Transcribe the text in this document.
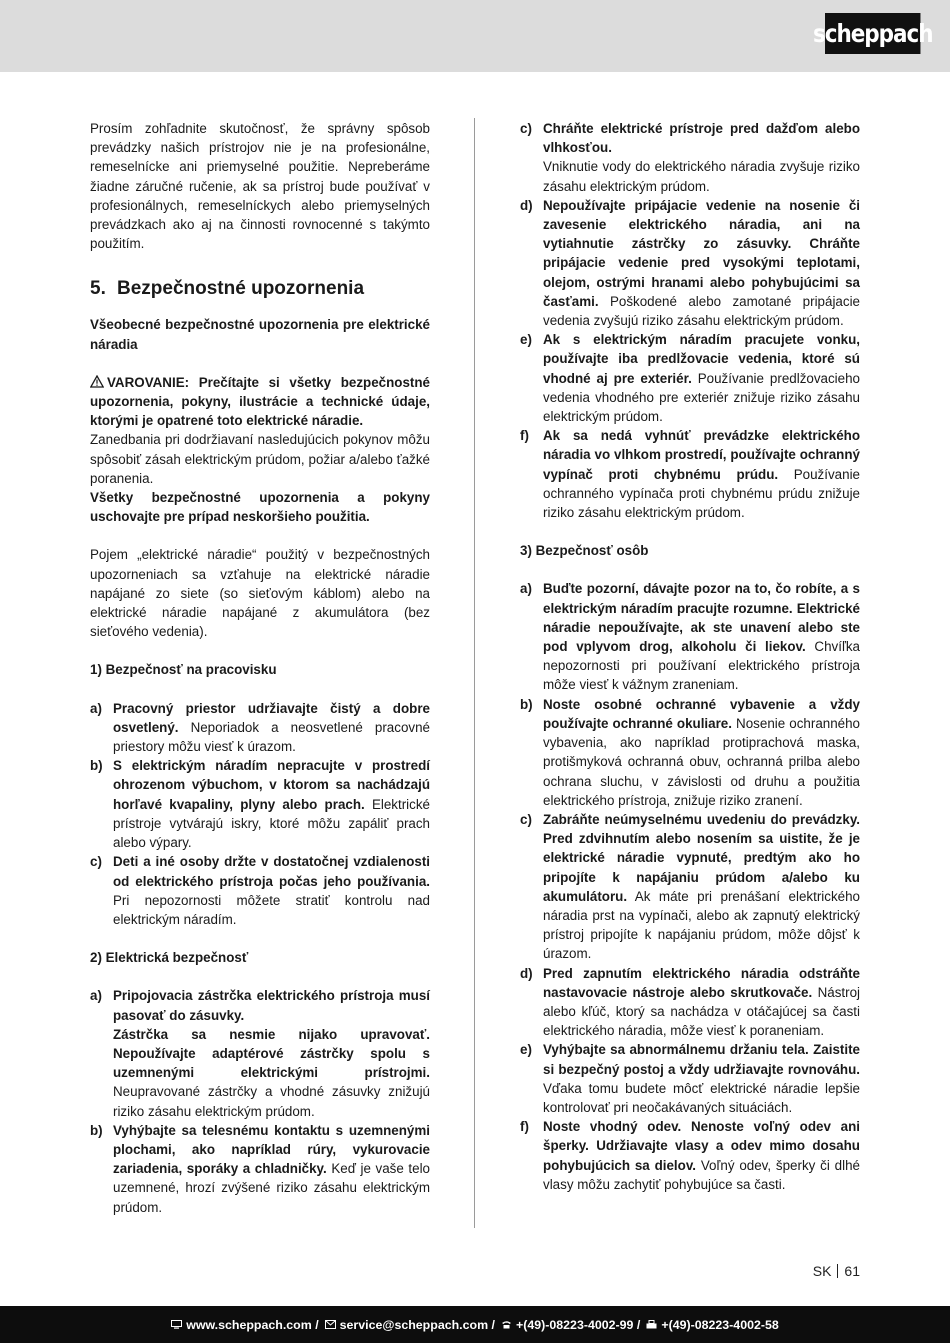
scheppach

Prosím zohľadnite skutočnosť, že správny spôsob prevádzky našich prístrojov nie je na profesionálne, remeselnícke ani priemyselné použitie. Nepreberáme žiadne záručné ručenie, ak sa prístroj bude používať v profesionálnych, remeselníckych alebo priemyselných prevádzkach ako aj na činnosti rovnocenné s takýmto použitím.

5. Bezpečnostné upozornenia

Všeobecné bezpečnostné upozornenia pre elektrické náradia

VAROVANIE: Prečítajte si všetky bezpečnostné upozornenia, pokyny, ilustrácie a technické údaje, ktorými je opatrené toto elektrické náradie.

Zanedbania pri dodržiavaní nasledujúcich pokynov môžu spôsobiť zásah elektrickým prúdom, požiar a/alebo ťažké poranenia.

Všetky bezpečnostné upozornenia a pokyny uschovajte pre prípad neskoršieho použitia.

Pojem „elektrické náradie“ použitý v bezpečnostných upozorneniach sa vzťahuje na elektrické náradie napájané zo siete (so sieťovým káblom) alebo na elektrické náradie napájané z akumulátora (bez sieťového vedenia).

1) Bezpečnosť na pracovisku

a) Pracovný priestor udržiavajte čistý a dobre osvetlený. Neporiadok a neosvetlené pracovné priestory môžu viesť k úrazom.

b) S elektrickým náradím nepracujte v prostredí ohrozenom výbuchom, v ktorom sa nachádzajú horľavé kvapaliny, plyny alebo prach. Elektrické prístroje vytvárajú iskry, ktoré môžu zapáliť prach alebo výpary.

c) Deti a iné osoby držte v dostatočnej vzdialenosti od elektrického prístroja počas jeho používania. Pri nepozornosti môžete stratiť kontrolu nad elektrickým náradím.

2) Elektrická bezpečnosť

a) Pripojovacia zástrčka elektrického prístroja musí pasovať do zásuvky.

Zástrčka sa nesmie nijako upravovať. Nepoužívajte adaptérové zástrčky spolu s uzemnenými elektrickými prístrojmi. Neupravované zástrčky a vhodné zásuvky znižujú riziko zásahu elektrickým prúdom.

b) Vyhýbajte sa telesnému kontaktu s uzemnenými plochami, ako napríklad rúry, vykurovacie zariadenia, sporáky a chladničky. Keď je vaše telo uzemnené, hrozí zvýšené riziko zásahu elektrickým prúdom.

c) Chráňte elektrické prístroje pred dažďom alebo vlhkosťou.

Vniknutie vody do elektrického náradia zvyšuje riziko zásahu elektrickým prúdom.

d) Nepoužívajte pripájacie vedenie na nosenie či zavesenie elektrického náradia, ani na vytiahnutie zástrčky zo zásuvky. Chráňte pripájacie vedenie pred vysokými teplotami, olejom, ostrými hranami alebo pohybujúcimi sa časťami. Poškodené alebo zamotané pripájacie vedenia zvyšujú riziko zásahu elektrickým prúdom.

e) Ak s elektrickým náradím pracujete vonku, používajte iba predlžovacie vedenia, ktoré sú vhodné aj pre exteriér. Používanie predlžovacieho vedenia vhodného pre exteriér znižuje riziko zásahu elektrickým prúdom.

f)	Ak sa nedá vyhnúť prevádzke elektrického náradia vo vlhkom prostredí, používajte ochranný vypínač proti chybnému prúdu. Používanie ochranného vypínača proti chybnému prúdu znižuje riziko zásahu elektrickým prúdom.

3) Bezpečnosť osôb

a) Buďte pozorní, dávajte pozor na to, čo robíte, a s elektrickým náradím pracujte rozumne. Elektrické náradie nepoužívajte, ak ste unavení alebo ste pod vplyvom drog, alkoholu či liekov. Chvíľka nepozornosti pri používaní elektrického prístroja môže viesť k vážnym zraneniam.

b) Noste osobné ochranné vybavenie a vždy používajte ochranné okuliare. Nosenie ochranného vybavenia, ako napríklad protiprachová maska, protišmyková ochranná obuv, ochranná prilba alebo ochrana sluchu, v závislosti od druhu a použitia elektrického prístroja, znižuje riziko zranení.

c) Zabráňte neúmyselnému uvedeniu do prevádzky. Pred zdvihnutím alebo nosením sa uistite, že je elektrické náradie vypnuté, predtým ako ho pripojíte k napájaniu prúdom a/alebo ku akumulátoru. Ak máte pri prenášaní elektrického náradia prst na vypínači, alebo ak zapnutý elektrický prístroj pripojíte k napájaniu prúdom, môže dôjsť k úrazom.

d) Pred zapnutím elektrického náradia odstráňte nastavovacie nástroje alebo skrutkovače. Nástroj alebo kľúč, ktorý sa nachádza v otáčajúcej sa časti elektrického náradia, môže viesť k poraneniam.

e) Vyhýbajte sa abnormálnemu držaniu tela. Zaistite si bezpečný postoj a vždy udržiavajte rovnováhu. Vďaka tomu budete môcť elektrické náradie lepšie kontrolovať pri neočakávaných situáciách.

f)	Noste vhodný odev. Nenoste voľný odev ani šperky. Udržiavajte vlasy a odev mimo dosahu pohybujúcich sa dielov. Voľný odev, šperky či dlhé vlasy môžu zachytiť pohybujúce sa časti.

SK 61
www.scheppach.com / service@scheppach.com / +(49)-08223-4002-99 / +(49)-08223-4002-58
